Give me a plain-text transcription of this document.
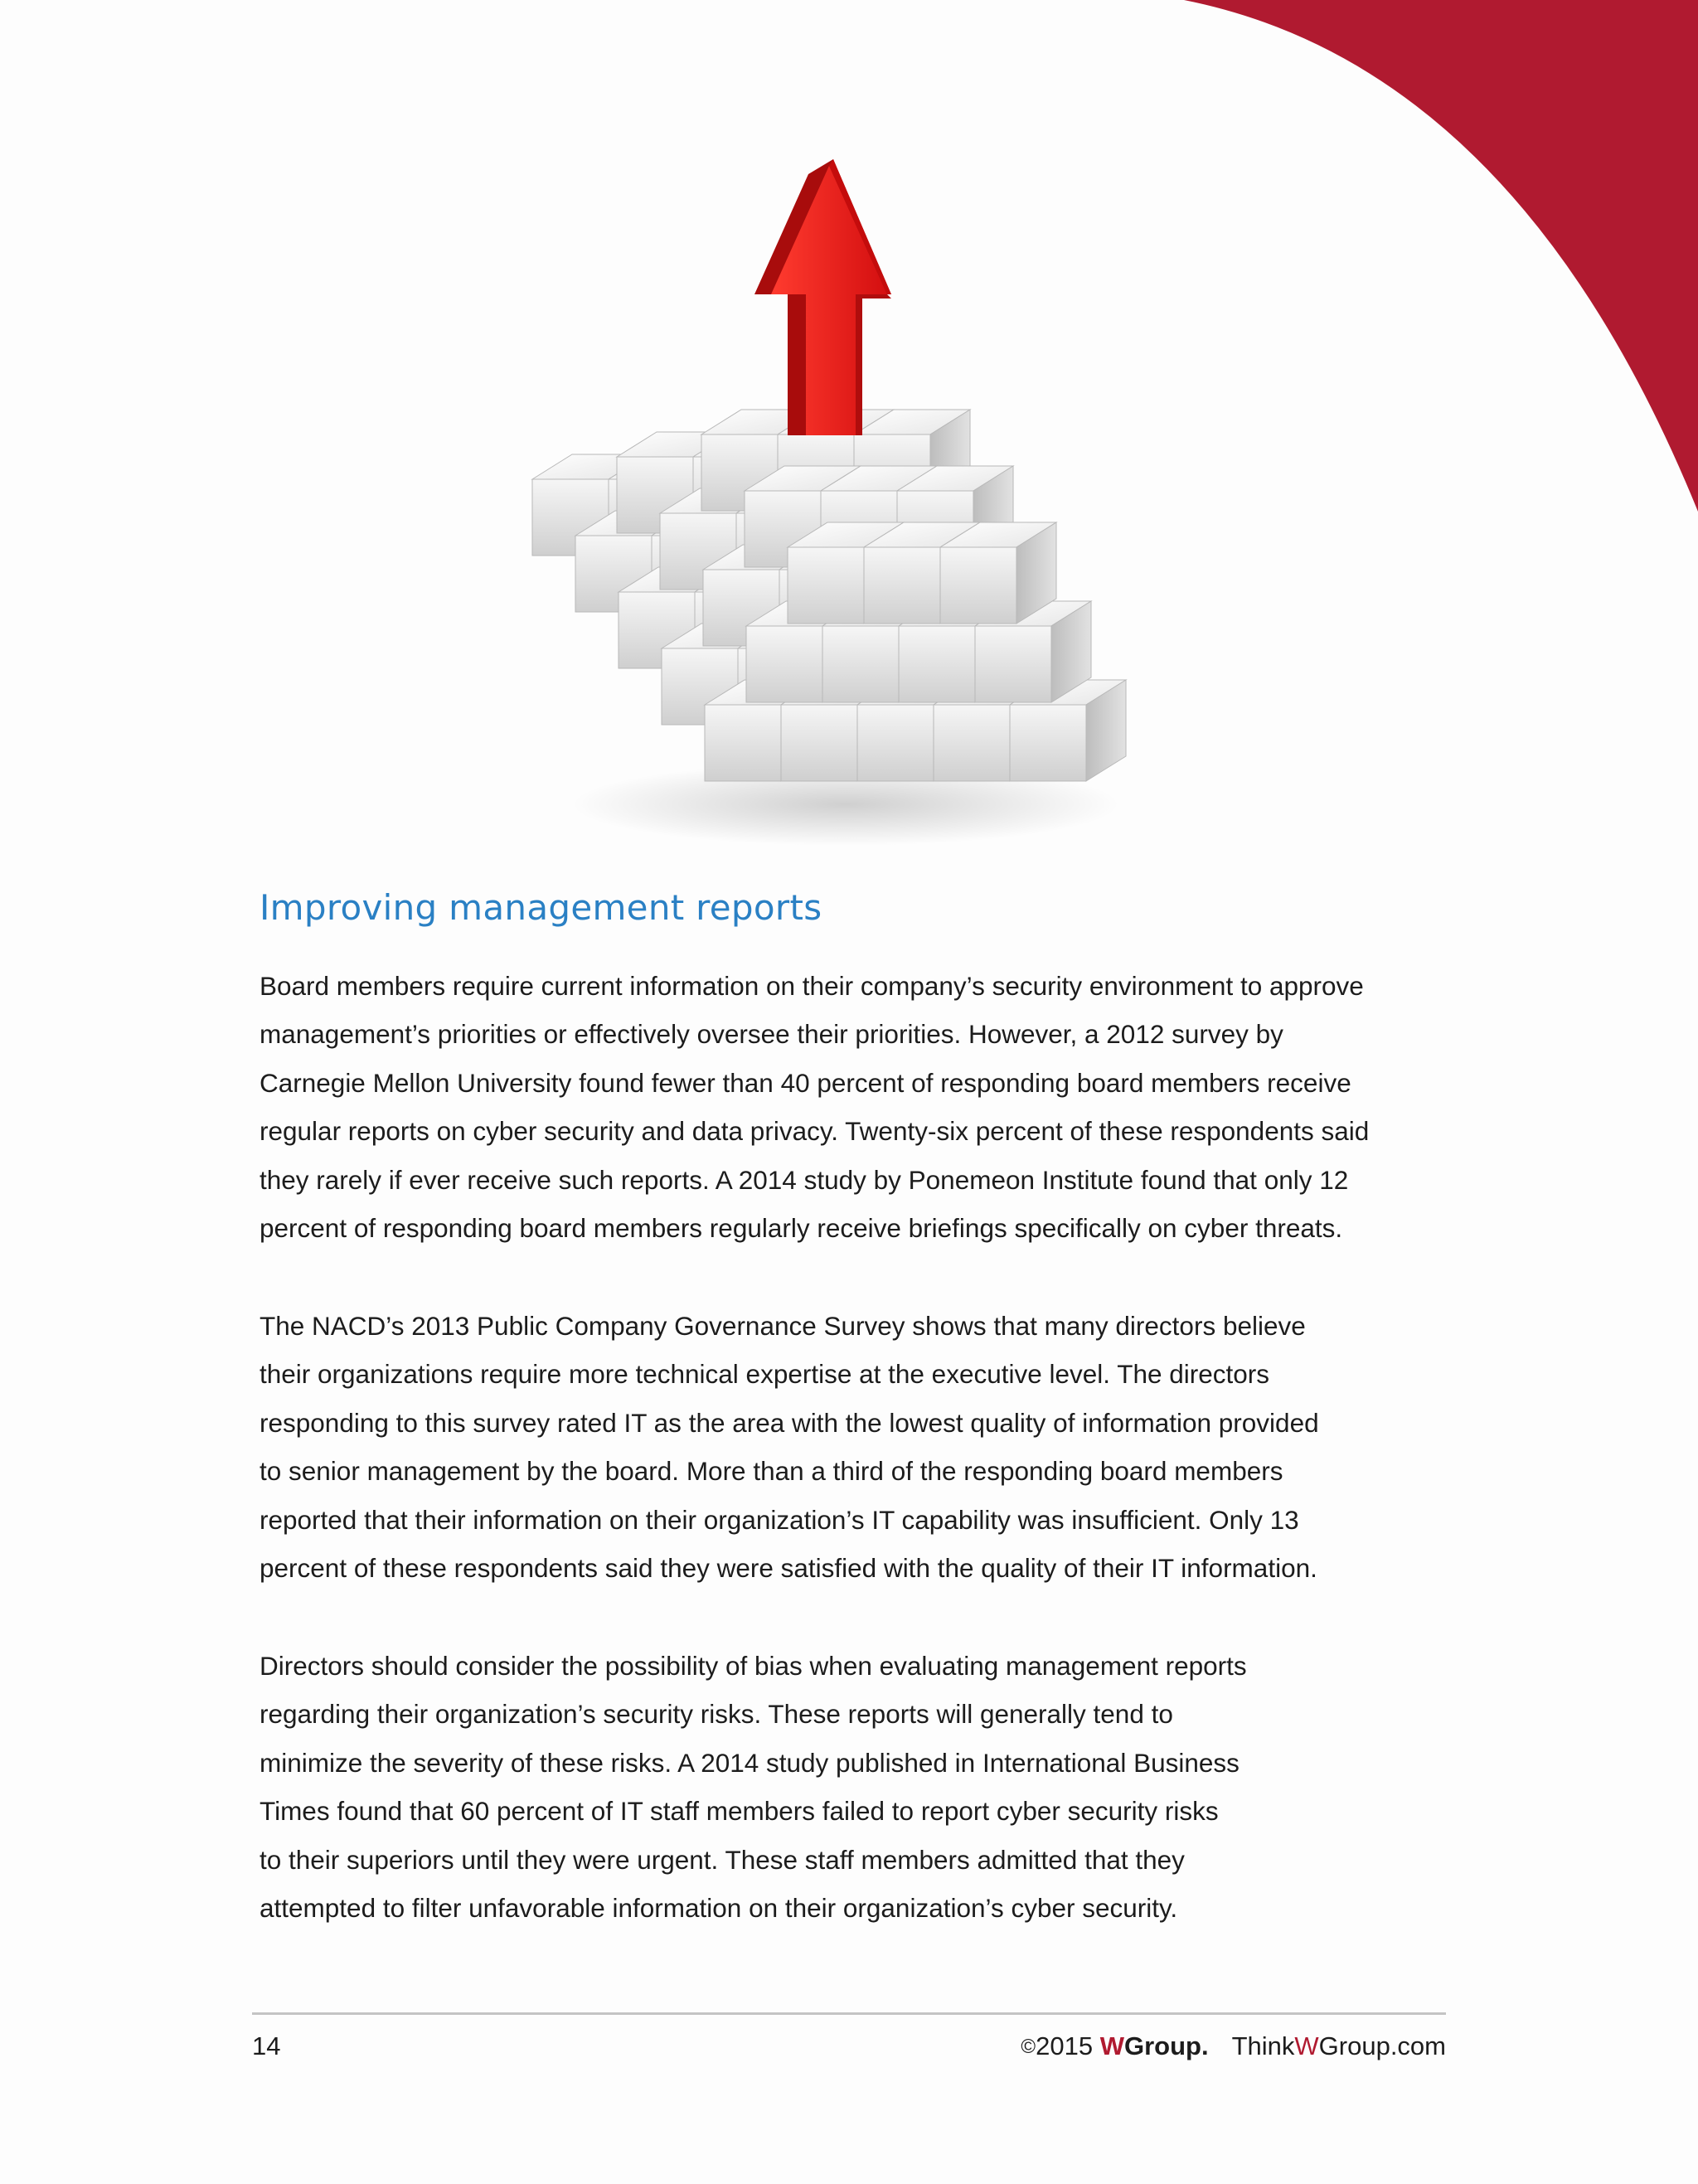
Improving management reports
Board members require current information on their company’s security environment to approve
management’s priorities or effectively oversee their priorities. However, a 2012 survey by
Carnegie Mellon University found fewer than 40 percent of responding board members receive
regular reports on cyber security and data privacy. Twenty-six percent of these respondents said
they rarely if ever receive such reports. A 2014 study by Ponemeon Institute found that only 12
percent of responding board members regularly receive briefings specifically on cyber threats.
The NACD’s 2013 Public Company Governance Survey shows that many directors believe
their organizations require more technical expertise at the executive level. The directors
responding to this survey rated IT as the area with the lowest quality of information provided
to senior management by the board. More than a third of the responding board members
reported that their information on their organization’s IT capability was insufficient. Only 13
percent of these respondents said they were satisfied with the quality of their IT information.
Directors should consider the possibility of bias when evaluating management reports
regarding their organization’s security risks. These reports will generally tend to
minimize the severity of these risks. A 2014 study published in International Business
Times found that 60 percent of IT staff members failed to report cyber security risks
to their superiors until they were urgent. These staff members admitted that they
attempted to filter unfavorable information on their organization’s cyber security.
14	©2015 WGroup. ThinkWGroup.com
